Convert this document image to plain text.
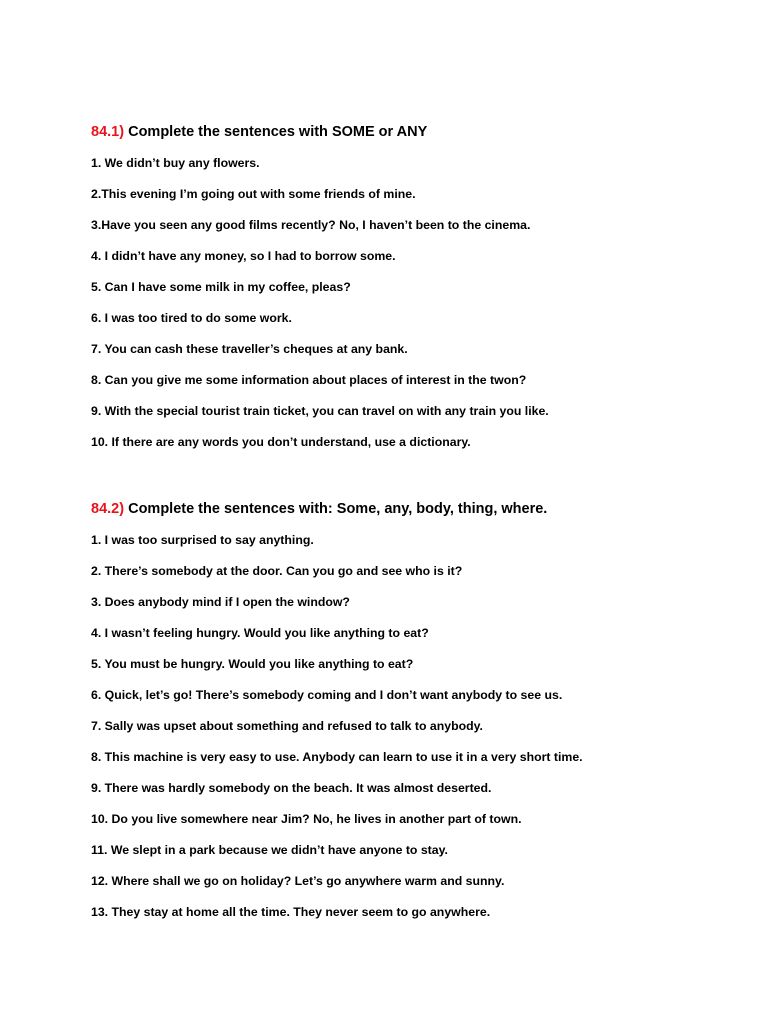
84.1) Complete the sentences with SOME or ANY
1. We didn’t buy any flowers.
2.This evening I’m going out with some friends of mine.
3.Have you seen any good films recently? No, I haven’t been to the cinema.
4. I didn’t have any money, so I had to borrow some.
5. Can I have some milk in my coffee, pleas?
6. I was too tired to do some work.
7. You can cash these traveller’s cheques at any bank.
8. Can you give me some information about places of interest in the twon?
9. With the special tourist train ticket, you can travel on with any train you like.
10. If there are any words you don’t understand, use a dictionary.
84.2) Complete the sentences with: Some, any, body, thing, where.
1. I was too surprised to say anything.
2. There’s somebody at the door. Can you go and see who is it?
3. Does anybody mind if I open the window?
4. I wasn’t feeling hungry. Would you like anything to eat?
5. You must be hungry. Would you like anything to eat?
6. Quick, let’s go! There’s somebody coming and I don’t want anybody to see us.
7. Sally was upset about something and refused to talk to anybody.
8. This machine is very easy to use. Anybody can learn to use it in a very short time.
9. There was hardly somebody on the beach. It was almost deserted.
10. Do you live somewhere near Jim? No, he lives in another part of town.
11. We slept in a park because we didn’t have anyone to stay.
12. Where shall we go on holiday? Let’s go anywhere warm and sunny.
13. They stay at home all the time. They never seem to go anywhere.
